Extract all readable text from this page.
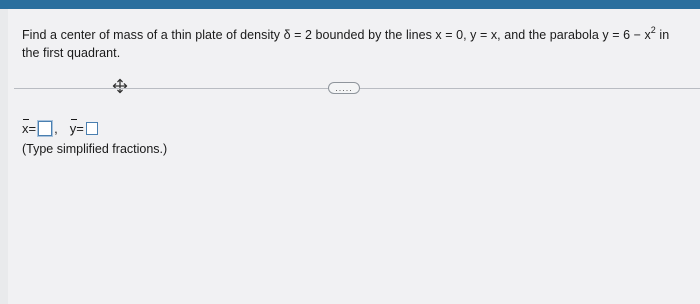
Find a center of mass of a thin plate of density δ = 2 bounded by the lines x = 0, y = x, and the parabola $y = 6 - x^2$ in the first quadrant.
.....
x = , y =
(Type simplified fractions.)
